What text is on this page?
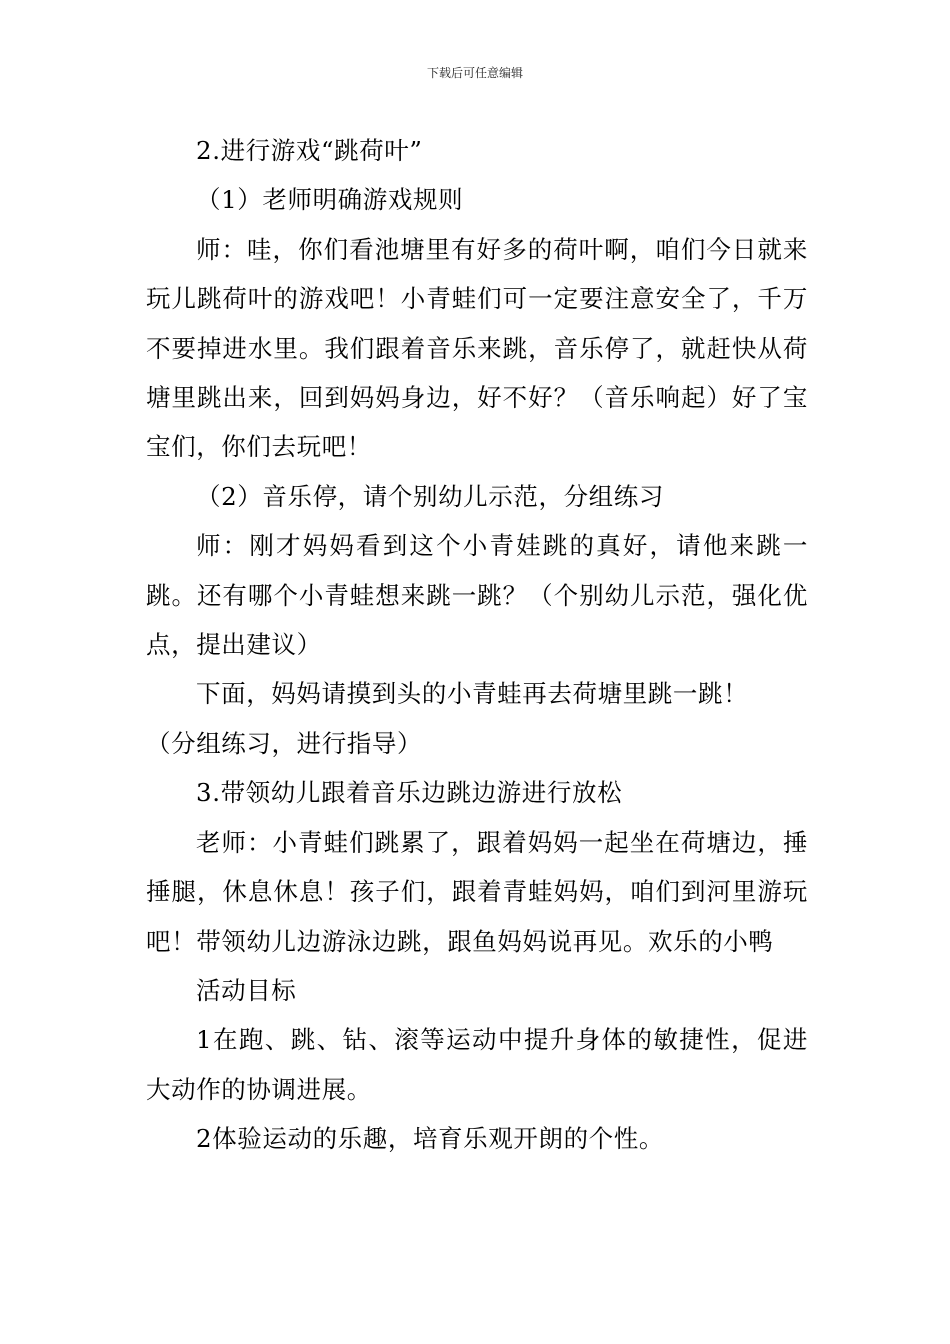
下载后可任意编辑

2.进行游戏“跳荷叶”

（1）老师明确游戏规则

师：哇，你们看池塘里有好多的荷叶啊，咱们今日就来玩儿跳荷叶的游戏吧！小青蛙们可一定要注意安全了，千万不要掉进水里。我们跟着音乐来跳，音乐停了，就赶快从荷塘里跳出来，回到妈妈身边，好不好？（音乐响起）好了宝宝们，你们去玩吧！

（2）音乐停，请个别幼儿示范，分组练习

师：刚才妈妈看到这个小青娃跳的真好，请他来跳一跳。还有哪个小青蛙想来跳一跳？（个别幼儿示范，强化优点，提出建议）

下面，妈妈请摸到头的小青蛙再去荷塘里跳一跳！

（分组练习，进行指导）

3.带领幼儿跟着音乐边跳边游进行放松

老师：小青蛙们跳累了，跟着妈妈一起坐在荷塘边，捶捶腿，休息休息！孩子们，跟着青蛙妈妈，咱们到河里游玩吧！带领幼儿边游泳边跳，跟鱼妈妈说再见。欢乐的小鸭

活动目标

1在跑、跳、钻、滚等运动中提升身体的敏捷性，促进大动作的协调进展。

2体验运动的乐趣，培育乐观开朗的个性。
